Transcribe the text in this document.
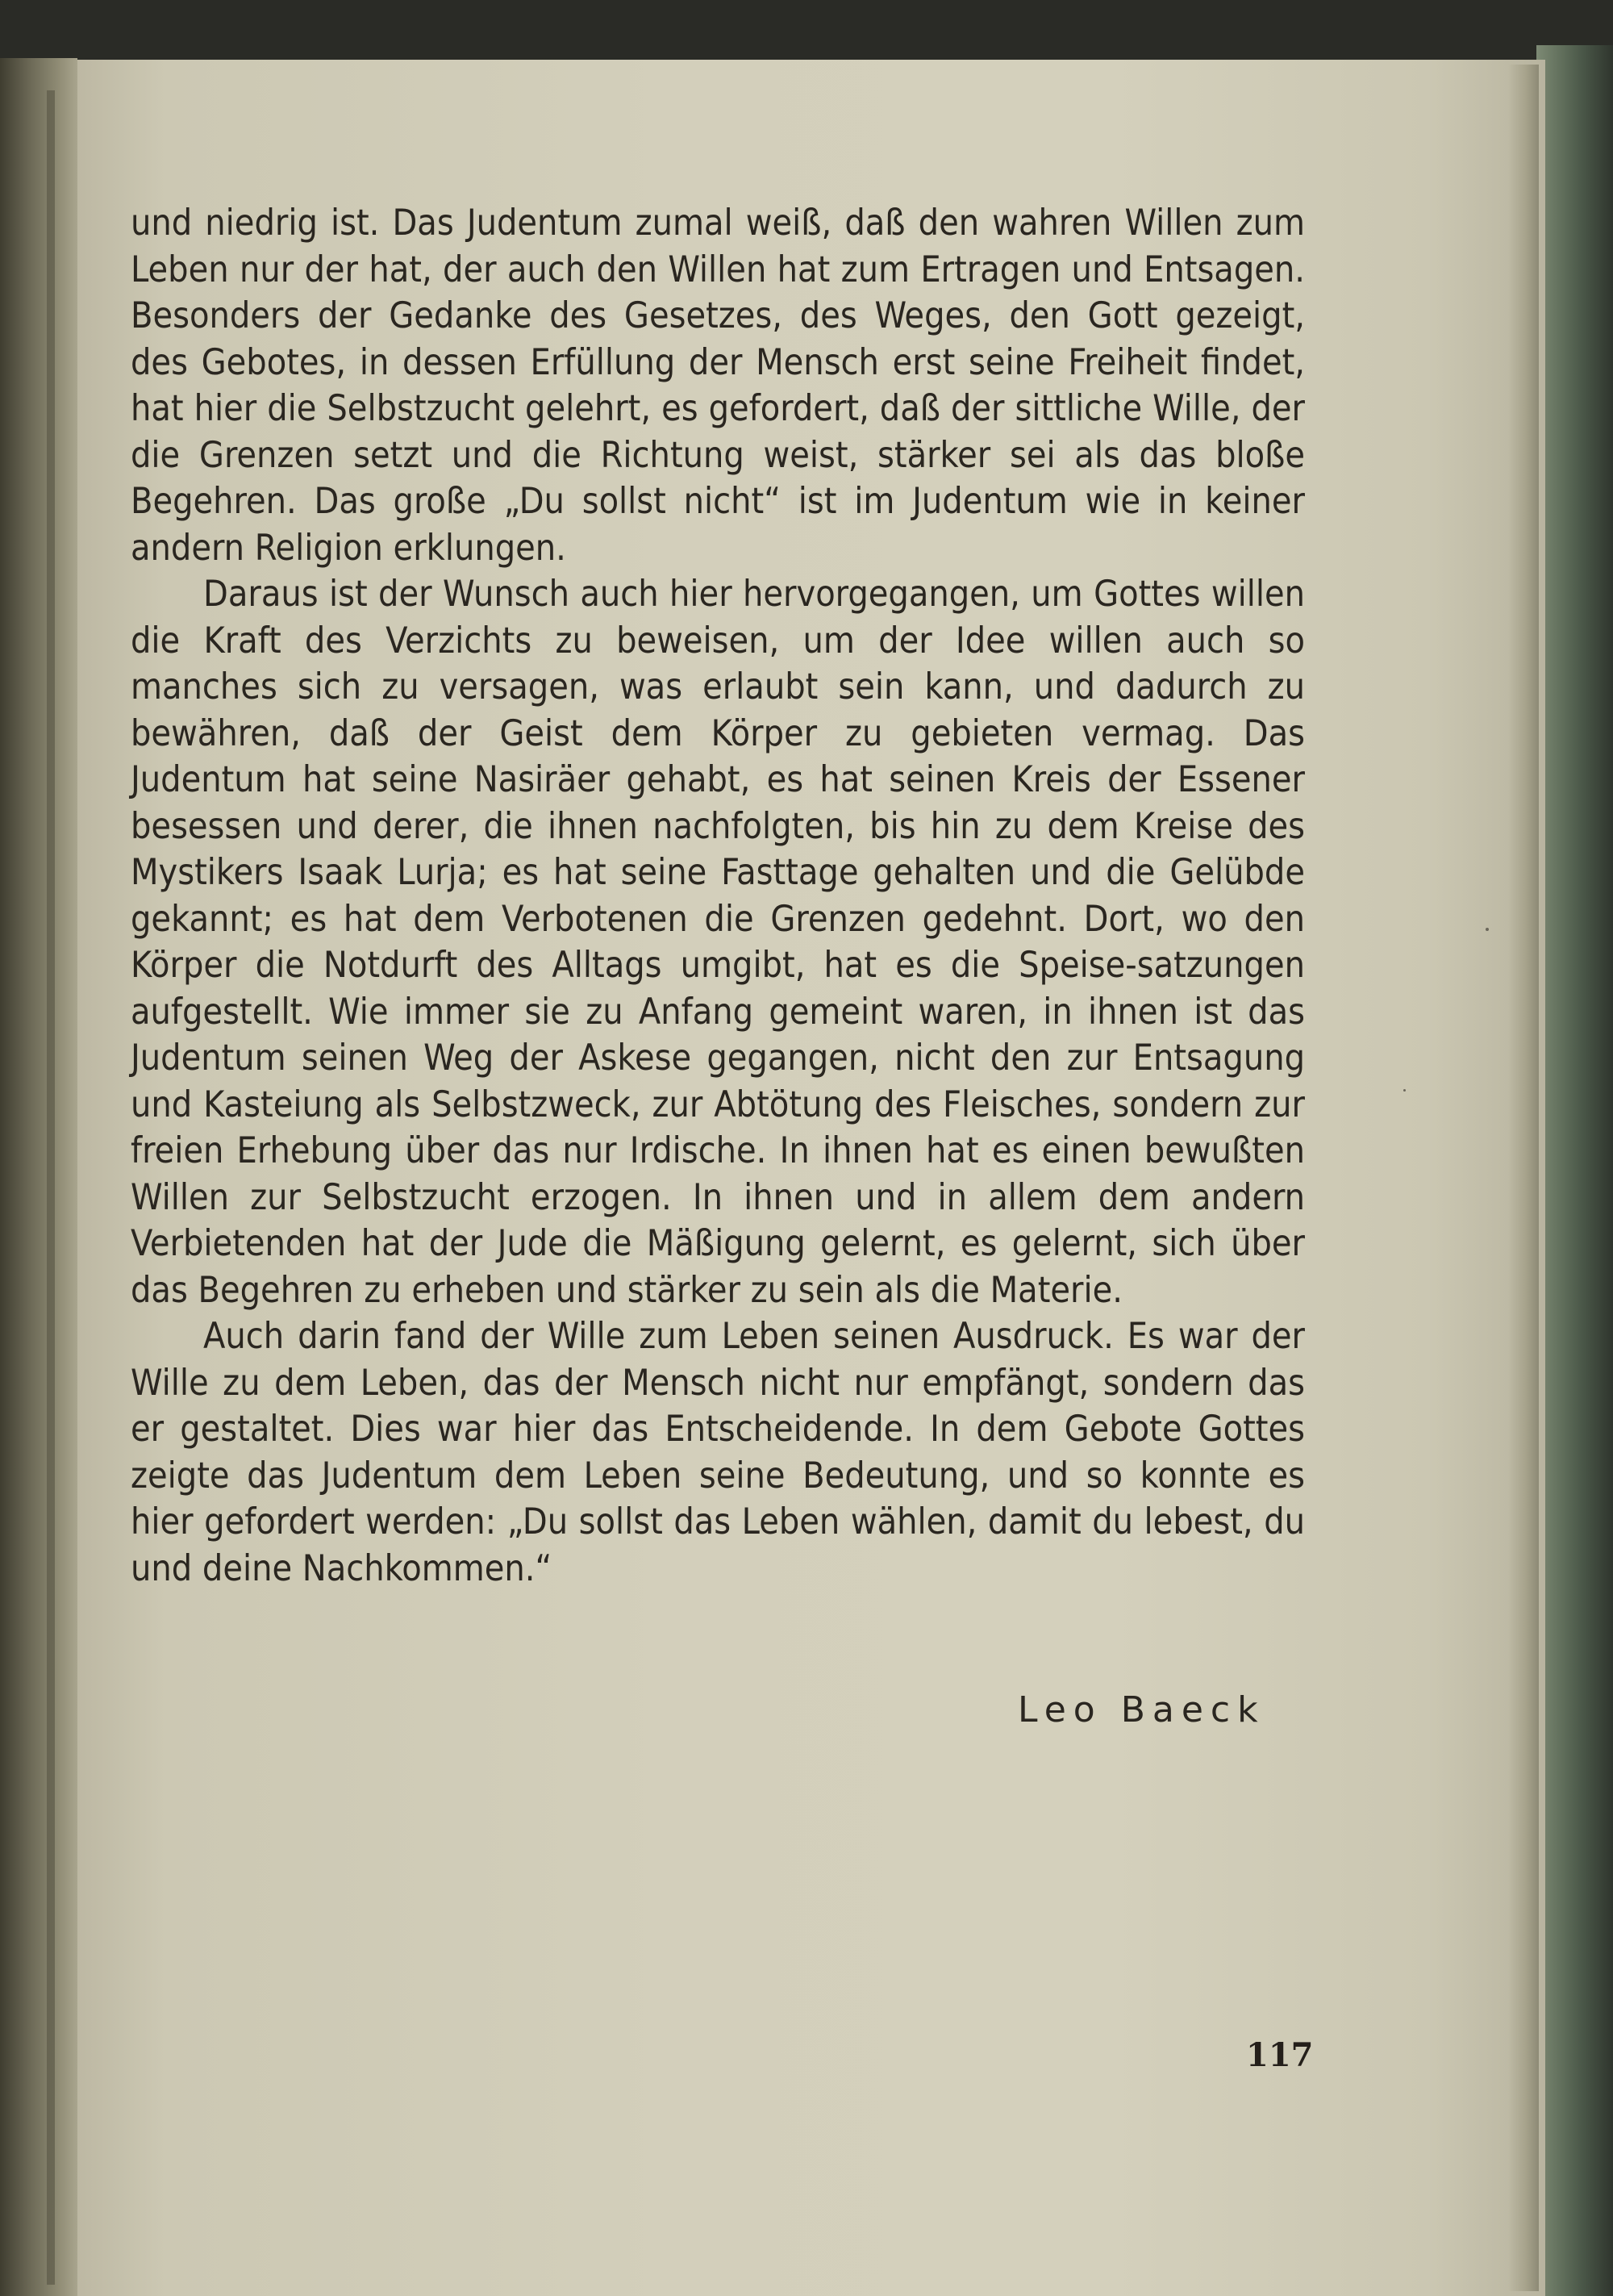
und niedrig ist. Das Judentum zumal weiß, daß den wahren Willen zum Leben nur der hat, der auch den Willen hat zum Ertragen und Entsagen. Besonders der Gedanke des Gesetzes, des Weges, den Gott gezeigt, des Gebotes, in dessen Erfüllung der Mensch erst seine Freiheit findet, hat hier die Selbstzucht gelehrt, es gefordert, daß der sittliche Wille, der die Grenzen setzt und die Richtung weist, stärker sei als das bloße Begehren. Das große „Du sollst nicht“ ist im Judentum wie in keiner andern Religion erklungen.

Daraus ist der Wunsch auch hier hervorgegangen, um Gottes willen die Kraft des Verzichts zu beweisen, um der Idee willen auch so manches sich zu versagen, was erlaubt sein kann, und dadurch zu bewähren, daß der Geist dem Körper zu gebieten vermag. Das Judentum hat seine Nasiräer gehabt, es hat seinen Kreis der Essener besessen und derer, die ihnen nachfolgten, bis hin zu dem Kreise des Mystikers Isaak Lurja; es hat seine Fasttage gehalten und die Gelübde gekannt; es hat dem Verbotenen die Grenzen gedehnt. Dort, wo den Körper die Notdurft des Alltags umgibt, hat es die Speise-satzungen aufgestellt. Wie immer sie zu Anfang gemeint waren, in ihnen ist das Judentum seinen Weg der Askese gegangen, nicht den zur Entsagung und Kasteiung als Selbstzweck, zur Abtötung des Fleisches, sondern zur freien Erhebung über das nur Irdische. In ihnen hat es einen bewußten Willen zur Selbstzucht erzogen. In ihnen und in allem dem andern Verbietenden hat der Jude die Mäßigung gelernt, es gelernt, sich über das Begehren zu erheben und stärker zu sein als die Materie.

Auch darin fand der Wille zum Leben seinen Ausdruck. Es war der Wille zu dem Leben, das der Mensch nicht nur empfängt, sondern das er gestaltet. Dies war hier das Entscheidende. In dem Gebote Gottes zeigte das Judentum dem Leben seine Bedeutung, und so konnte es hier gefordert werden: „Du sollst das Leben wählen, damit du lebest, du und deine Nachkommen.“

Leo Baeck
117
